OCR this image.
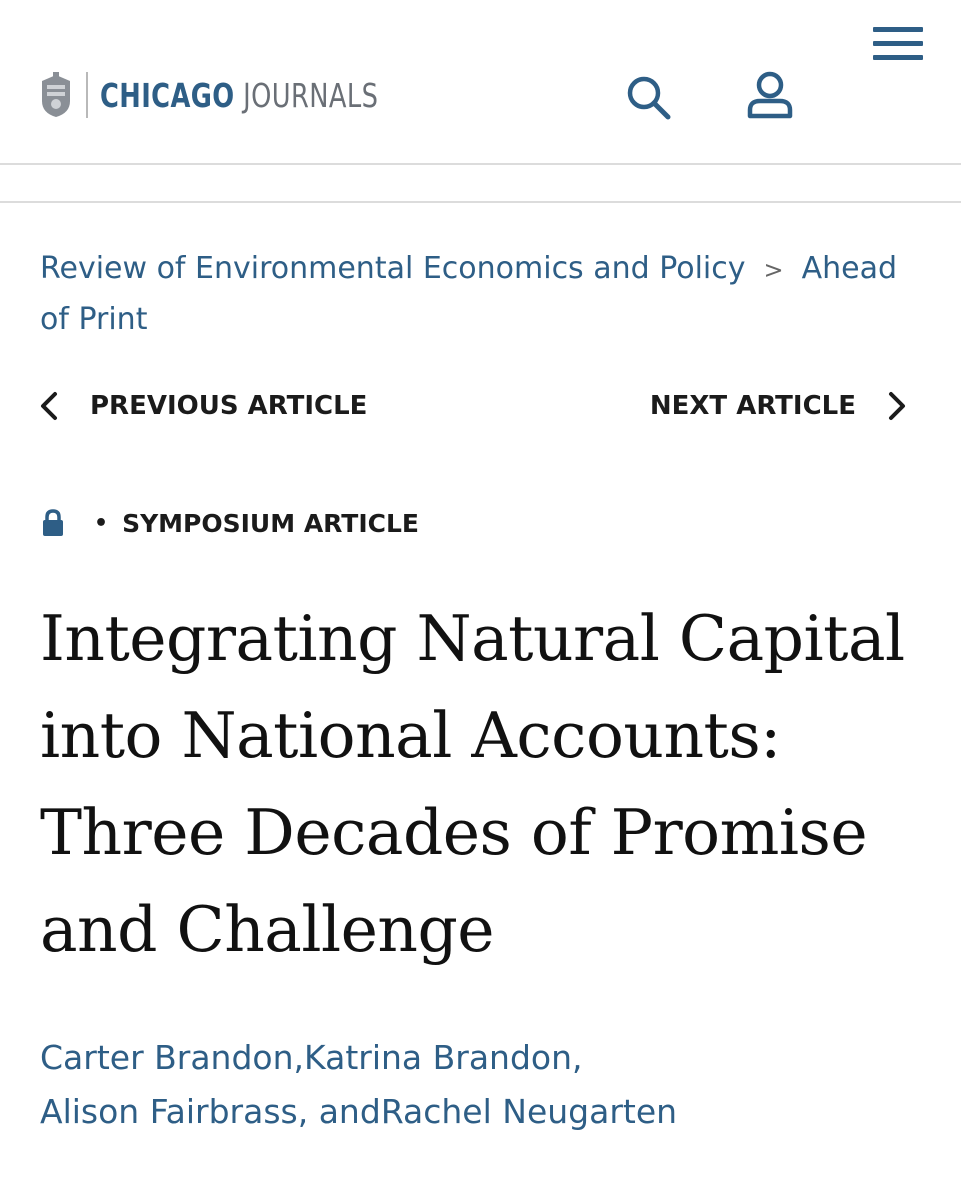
CHICAGO JOURNALS
Review of Environmental Economics and Policy > Ahead of Print
PREVIOUS ARTICLE	NEXT ARTICLE
• SYMPOSIUM ARTICLE
Integrating Natural Capital into National Accounts: Three Decades of Promise and Challenge
Carter Brandon,Katrina Brandon,
Alison Fairbrass, andRachel Neugarten
